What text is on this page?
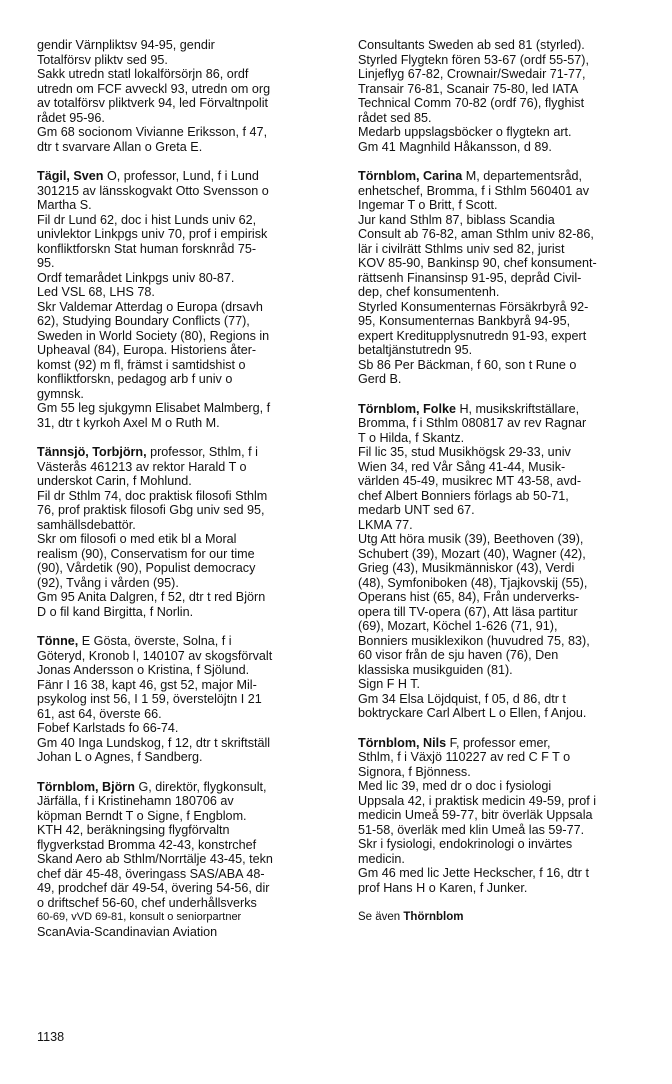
gendir Värnpliktsv 94-95, gendir
Totalförsv pliktv sed 95.
Sakk utredn statl lokalförsörjn 86, ordf
utredn om FCF avveckl 93, utredn om org
av totalförsv pliktverk 94, led Förvaltnpolit
rådet 95-96.
Gm 68 socionom Vivianne Eriksson, f 47,
dtr t svarvare Allan o Greta E.
Tägil, Sven O, professor, Lund, f i Lund
301215 av länsskogvakt Otto Svensson o
Martha S.
Fil dr Lund 62, doc i hist Lunds univ 62,
univlektor Linkpgs univ 70, prof i empirisk
konfliktforskn Stat human forsknråd 75-
95.
Ordf temarådet Linkpgs univ 80-87.
Led VSL 68, LHS 78.
Skr Valdemar Atterdag o Europa (drsavh
62), Studying Boundary Conflicts (77),
Sweden in World Society (80), Regions in
Upheaval (84), Europa. Historiens åter-
komst (92) m fl, främst i samtidshist o
konfliktforskn, pedagog arb f univ o
gymnsk.
Gm 55 leg sjukgymn Elisabet Malmberg, f
31, dtr t kyrkoh Axel M o Ruth M.
Tännsjö, Torbjörn, professor, Sthlm, f i
Västerås 461213 av rektor Harald T o
underskot Carin, f Mohlund.
Fil dr Sthlm 74, doc praktisk filosofi Sthlm
76, prof praktisk filosofi Gbg univ sed 95,
samhällsdebattör.
Skr om filosofi o med etik bl a Moral
realism (90), Conservatism for our time
(90), Vårdetik (90), Populist democracy
(92), Tvång i vården (95).
Gm 95 Anita Dalgren, f 52, dtr t red Björn
D o fil kand Birgitta, f Norlin.
Tönne, E Gösta, överste, Solna, f i
Göteryd, Kronob l, 140107 av skogsförvalt
Jonas Andersson o Kristina, f Sjölund.
Fänr I 16 38, kapt 46, gst 52, major Mil-
psykolog inst 56, I 1 59, överstelöjtn I 21
61, ast 64, överste 66.
Fobef Karlstads fo 66-74.
Gm 40 Inga Lundskog, f 12, dtr t skriftställ
Johan L o Agnes, f Sandberg.
Törnblom, Björn G, direktör, flygkonsult,
Järfälla, f i Kristinehamn 180706 av
köpman Berndt T o Signe, f Engblom.
KTH 42, beräkningsing flygförvaltn
flygverkstad Bromma 42-43, konstrchef
Skand Aero ab Sthlm/Norrtälje 43-45, tekn
chef där 45-48, överingass SAS/ABA 48-
49, prodchef där 49-54, övering 54-56, dir
o driftschef 56-60, chef underhållsverks
60-69, vVD 69-81, konsult o seniorpartner
ScanAvia-Scandinavian Aviation
Consultants Sweden ab sed 81 (styrled).
Styrled Flygtekn fören 53-67 (ordf 55-57),
Linjeflyg 67-82, Crownair/Swedair 71-77,
Transair 76-81, Scanair 75-80, led IATA
Technical Comm 70-82 (ordf 76), flyghist
rådet sed 85.
Medarb uppslagsböcker o flygtekn art.
Gm 41 Magnhild Håkansson, d 89.
Törnblom, Carina M, departementsråd,
enhetschef, Bromma, f i Sthlm 560401 av
Ingemar T o Britt, f Scott.
Jur kand Sthlm 87, biblass Scandia
Consult ab 76-82, aman Sthlm univ 82-86,
lär i civilrätt Sthlms univ sed 82, jurist
KOV 85-90, Bankinsp 90, chef konsument-
rättsenh Finansinsp 91-95, depråd Civil-
dep, chef konsumentenh.
Styrled Konsumenternas Försäkrbyrå 92-
95, Konsumenternas Bankbyrå 94-95,
expert Kreditupplysnutredn 91-93, expert
betaltjänstutredn 95.
Sb 86 Per Bäckman, f 60, son t Rune o
Gerd B.
Törnblom, Folke H, musikskriftställare,
Bromma, f i Sthlm 080817 av rev Ragnar
T o Hilda, f Skantz.
Fil lic 35, stud Musikhögsk 29-33, univ
Wien 34, red Vår Sång 41-44, Musik-
världen 45-49, musikrec MT 43-58, avd-
chef Albert Bonniers förlags ab 50-71,
medarb UNT sed 67.
LKMA 77.
Utg Att höra musik (39), Beethoven (39),
Schubert (39), Mozart (40), Wagner (42),
Grieg (43), Musikmänniskor (43), Verdi
(48), Symfoniboken (48), Tjajkovskij (55),
Operans hist (65, 84), Från underverks-
opera till TV-opera (67), Att läsa partitur
(69), Mozart, Köchel 1-626 (71, 91),
Bonniers musiklexikon (huvudred 75, 83),
60 visor från de sju haven (76), Den
klassiska musikguiden (81).
Sign F H T.
Gm 34 Elsa Löjdquist, f 05, d 86, dtr t
boktryckare Carl Albert L o Ellen, f Anjou.
Törnblom, Nils F, professor emer,
Sthlm, f i Växjö 110227 av red C F T o
Signora, f Bjönness.
Med lic 39, med dr o doc i fysiologi
Uppsala 42, i praktisk medicin 49-59, prof i
medicin Umeå 59-77, bitr överläk Uppsala
51-58, överläk med klin Umeå las 59-77.
Skr i fysiologi, endokrinologi o invärtes
medicin.
Gm 46 med lic Jette Heckscher, f 16, dtr t
prof Hans H o Karen, f Junker.
Se även Thörnblom
1138
